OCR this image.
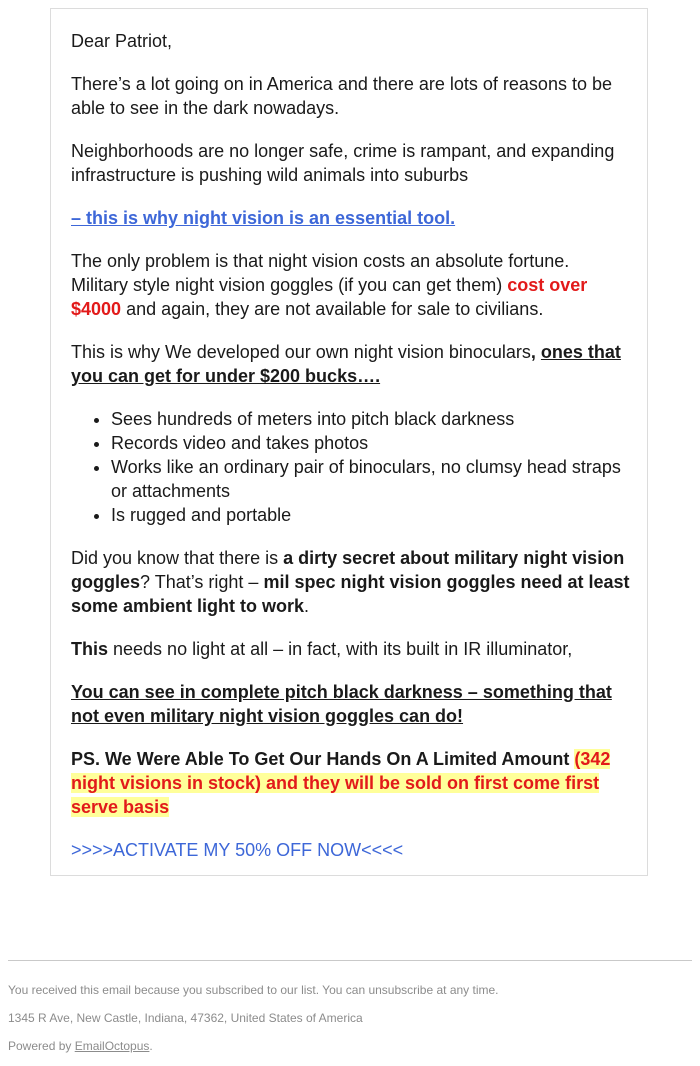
Dear Patriot,

There’s a lot going on in America and there are lots of reasons to be able to see in the dark nowadays.

Neighborhoods are no longer safe, crime is rampant, and expanding infrastructure is pushing wild animals into suburbs

– this is why night vision is an essential tool.

The only problem is that night vision costs an absolute fortune. Military style night vision goggles (if you can get them) cost over $4000 and again, they are not available for sale to civilians.

This is why We developed our own night vision binoculars, ones that you can get for under $200 bucks….

• Sees hundreds of meters into pitch black darkness
• Records video and takes photos
• Works like an ordinary pair of binoculars, no clumsy head straps or attachments
• Is rugged and portable

Did you know that there is a dirty secret about military night vision goggles? That’s right – mil spec night vision goggles need at least some ambient light to work.

This needs no light at all – in fact, with its built in IR illuminator,

You can see in complete pitch black darkness – something that not even military night vision goggles can do!

PS. We Were Able To Get Our Hands On A Limited Amount (342 night visions in stock) and they will be sold on first come first serve basis

>>>>ACTIVATE MY 50% OFF NOW<<<<

You received this email because you subscribed to our list. You can unsubscribe at any time.

1345 R Ave, New Castle, Indiana, 47362, United States of America

Powered by EmailOctopus.
